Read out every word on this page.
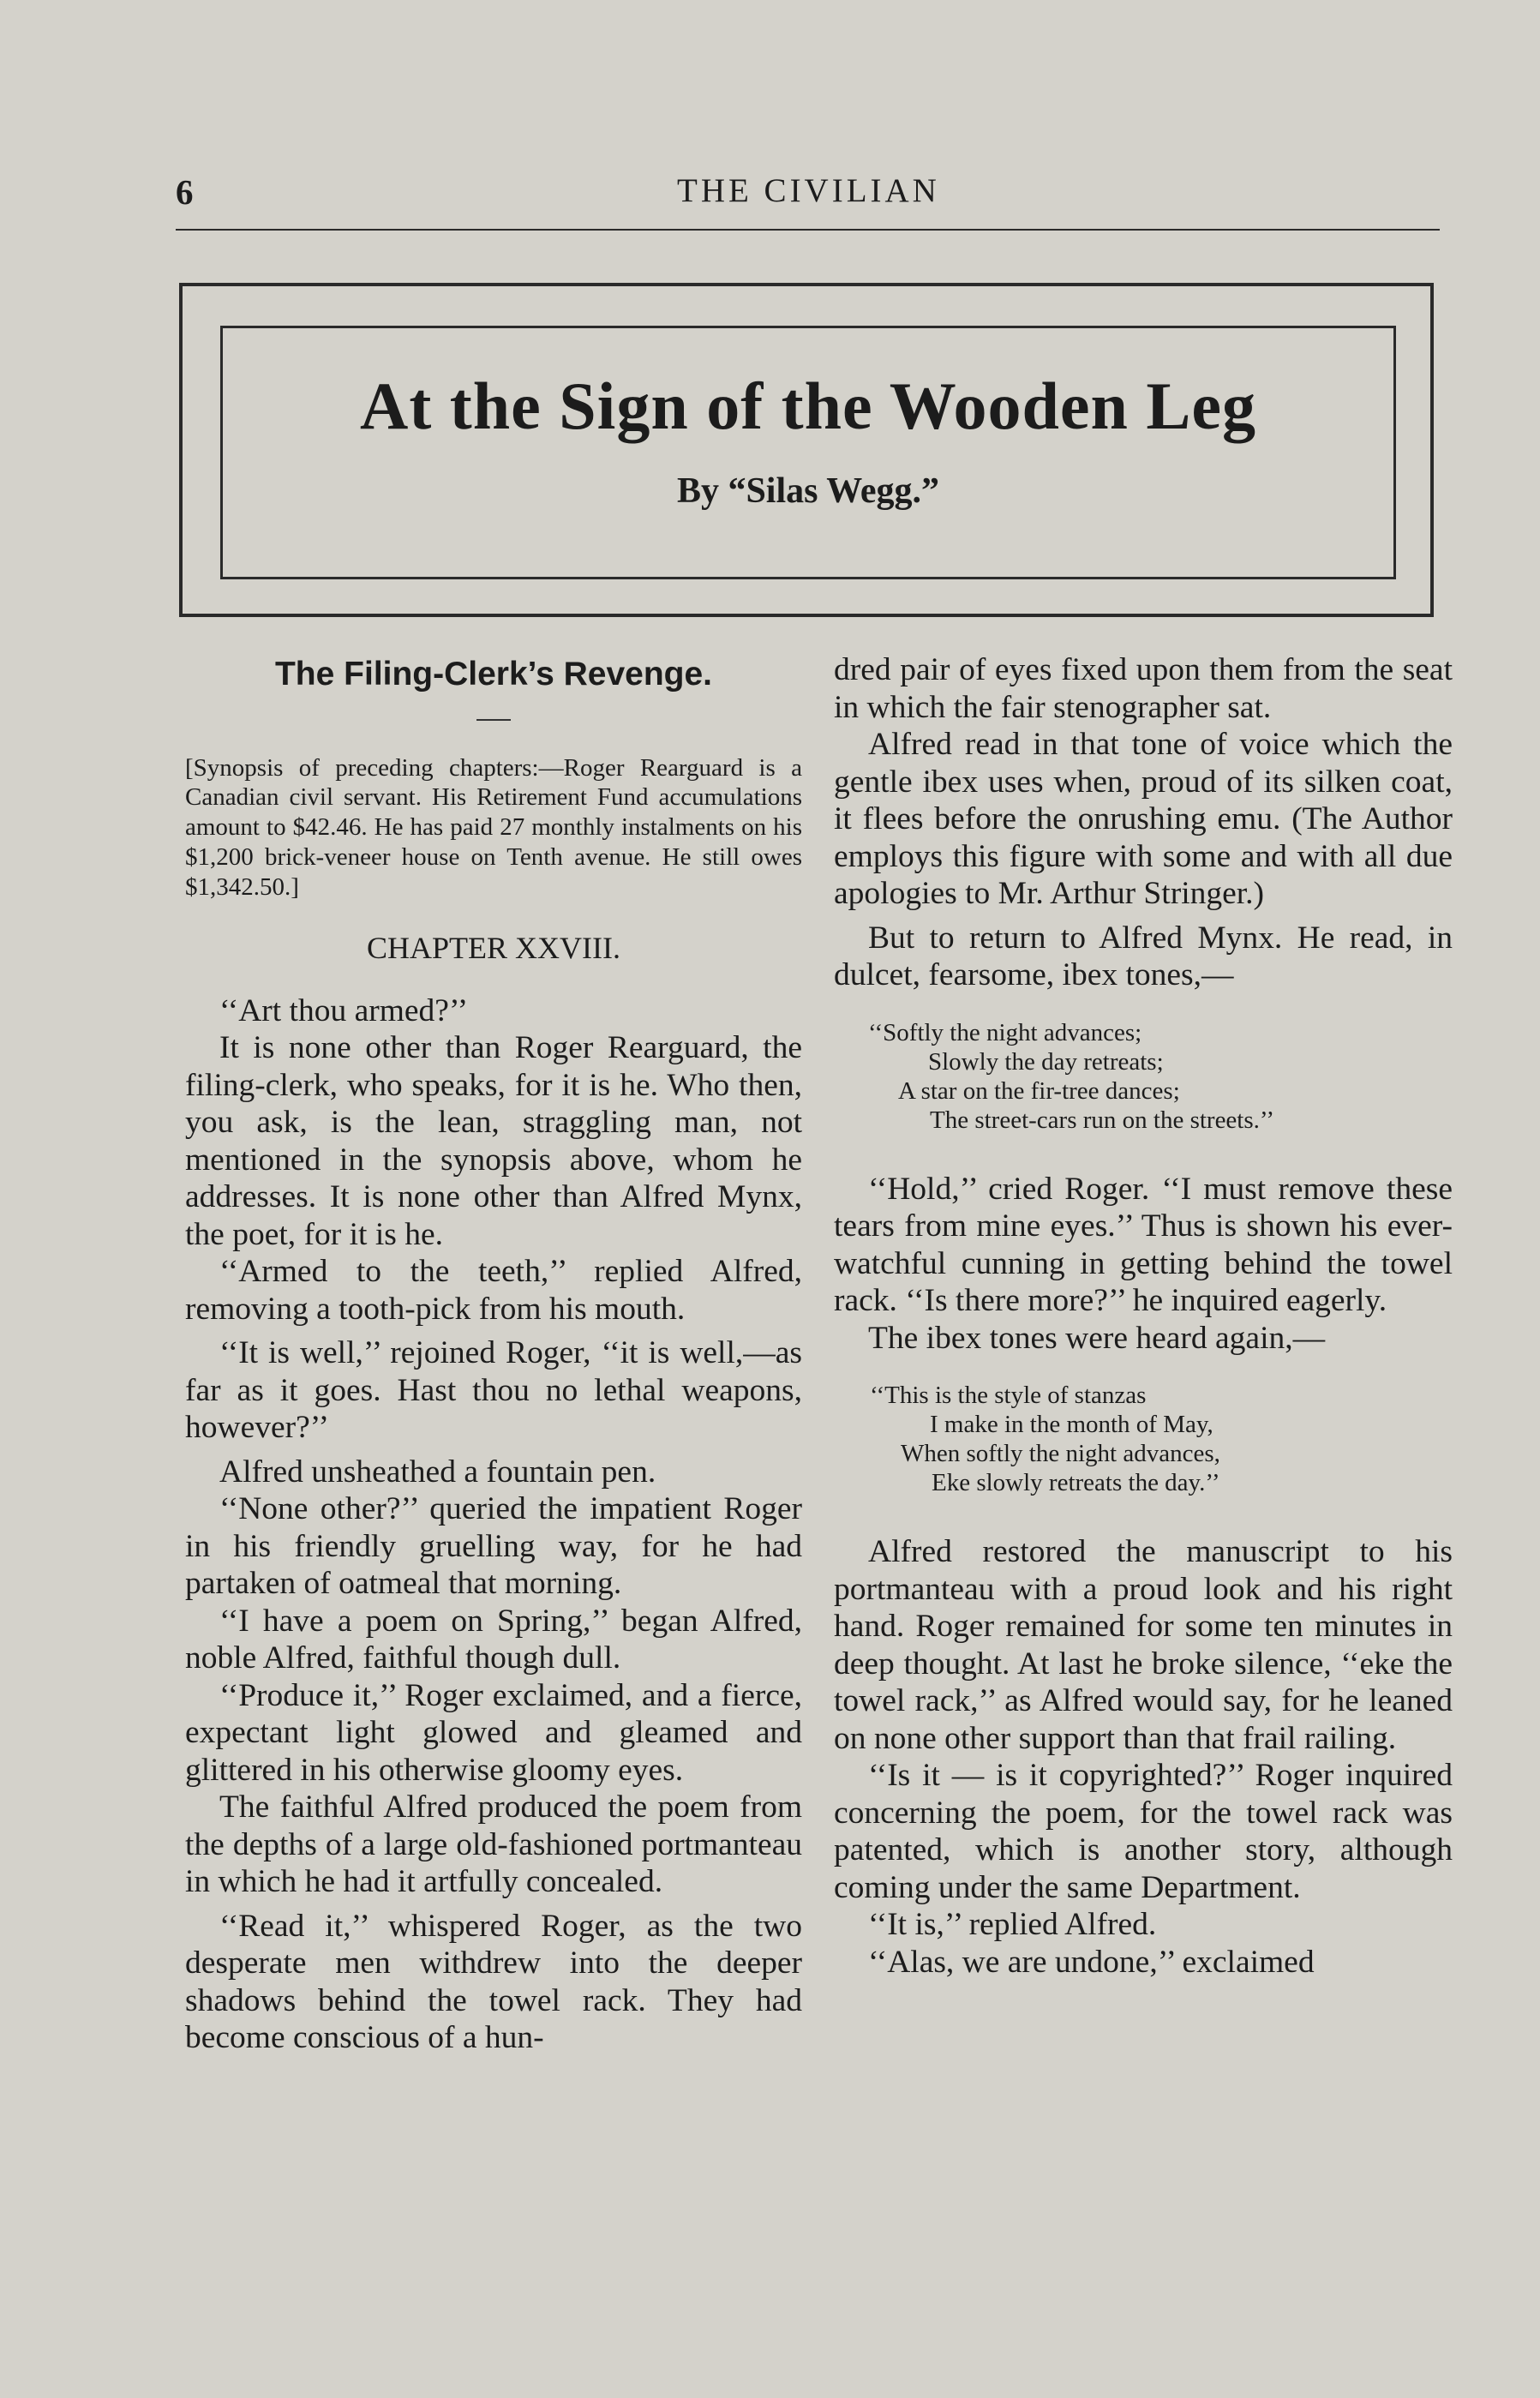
6	THE CIVILIAN
At the Sign of the Wooden Leg
By “Silas Wegg.”
The Filing-Clerk’s Revenge.
[Synopsis of preceding chapters:—Roger Rearguard is a Canadian civil servant. His Retirement Fund accumulations amount to $42.46. He has paid 27 monthly instalments on his $1,200 brick-veneer house on Tenth avenue. He still owes $1,342.50.]
CHAPTER XXVIII.

‘‘Art thou armed?’’

It is none other than Roger Rearguard, the filing-clerk, who speaks, for it is he. Who then, you ask, is the lean, straggling man, not mentioned in the synopsis above, whom he addresses. It is none other than Alfred Mynx, the poet, for it is he.

‘‘Armed to the teeth,’’ replied Alfred, removing a tooth-pick from his mouth.

‘‘It is well,’’ rejoined Roger, ‘‘it is well,—as far as it goes. Hast thou no lethal weapons, however?’’

Alfred unsheathed a fountain pen.

‘‘None other?’’ queried the impatient Roger in his friendly gruelling way, for he had partaken of oatmeal that morning.

‘‘I have a poem on Spring,’’ began Alfred, noble Alfred, faithful though dull.

‘‘Produce it,’’ Roger exclaimed, and a fierce, expectant light glowed and gleamed and glittered in his otherwise gloomy eyes.

The faithful Alfred produced the poem from the depths of a large old-fashioned portmanteau in which he had it artfully concealed.

‘‘Read it,’’ whispered Roger, as the two desperate men withdrew into the deeper shadows behind the towel rack. They had become conscious of a hun-

dred pair of eyes fixed upon them from the seat in which the fair stenographer sat.

Alfred read in that tone of voice which the gentle ibex uses when, proud of its silken coat, it flees before the onrushing emu. (The Author employs this figure with some and with all due apologies to Mr. Arthur Stringer.)

But to return to Alfred Mynx. He read, in dulcet, fearsome, ibex tones,—

‘‘Softly the night advances;
Slowly the day retreats;
A star on the fir-tree dances;
The street-cars run on the streets.’’

‘‘Hold,’’ cried Roger. ‘‘I must remove these tears from mine eyes.’’ Thus is shown his ever-watchful cunning in getting behind the towel rack. ‘‘Is there more?’’ he inquired eagerly.

The ibex tones were heard again,—

‘‘This is the style of stanzas
I make in the month of May,
When softly the night advances,
Eke slowly retreats the day.’’

Alfred restored the manuscript to his portmanteau with a proud look and his right hand. Roger remained for some ten minutes in deep thought. At last he broke silence, ‘‘eke the towel rack,’’ as Alfred would say, for he leaned on none other support than that frail railing.

‘‘Is it — is it copyrighted?’’ Roger inquired concerning the poem, for the towel rack was patented, which is another story, although coming under the same Department.

‘‘It is,’’ replied Alfred.

‘‘Alas, we are undone,’’ exclaimed
